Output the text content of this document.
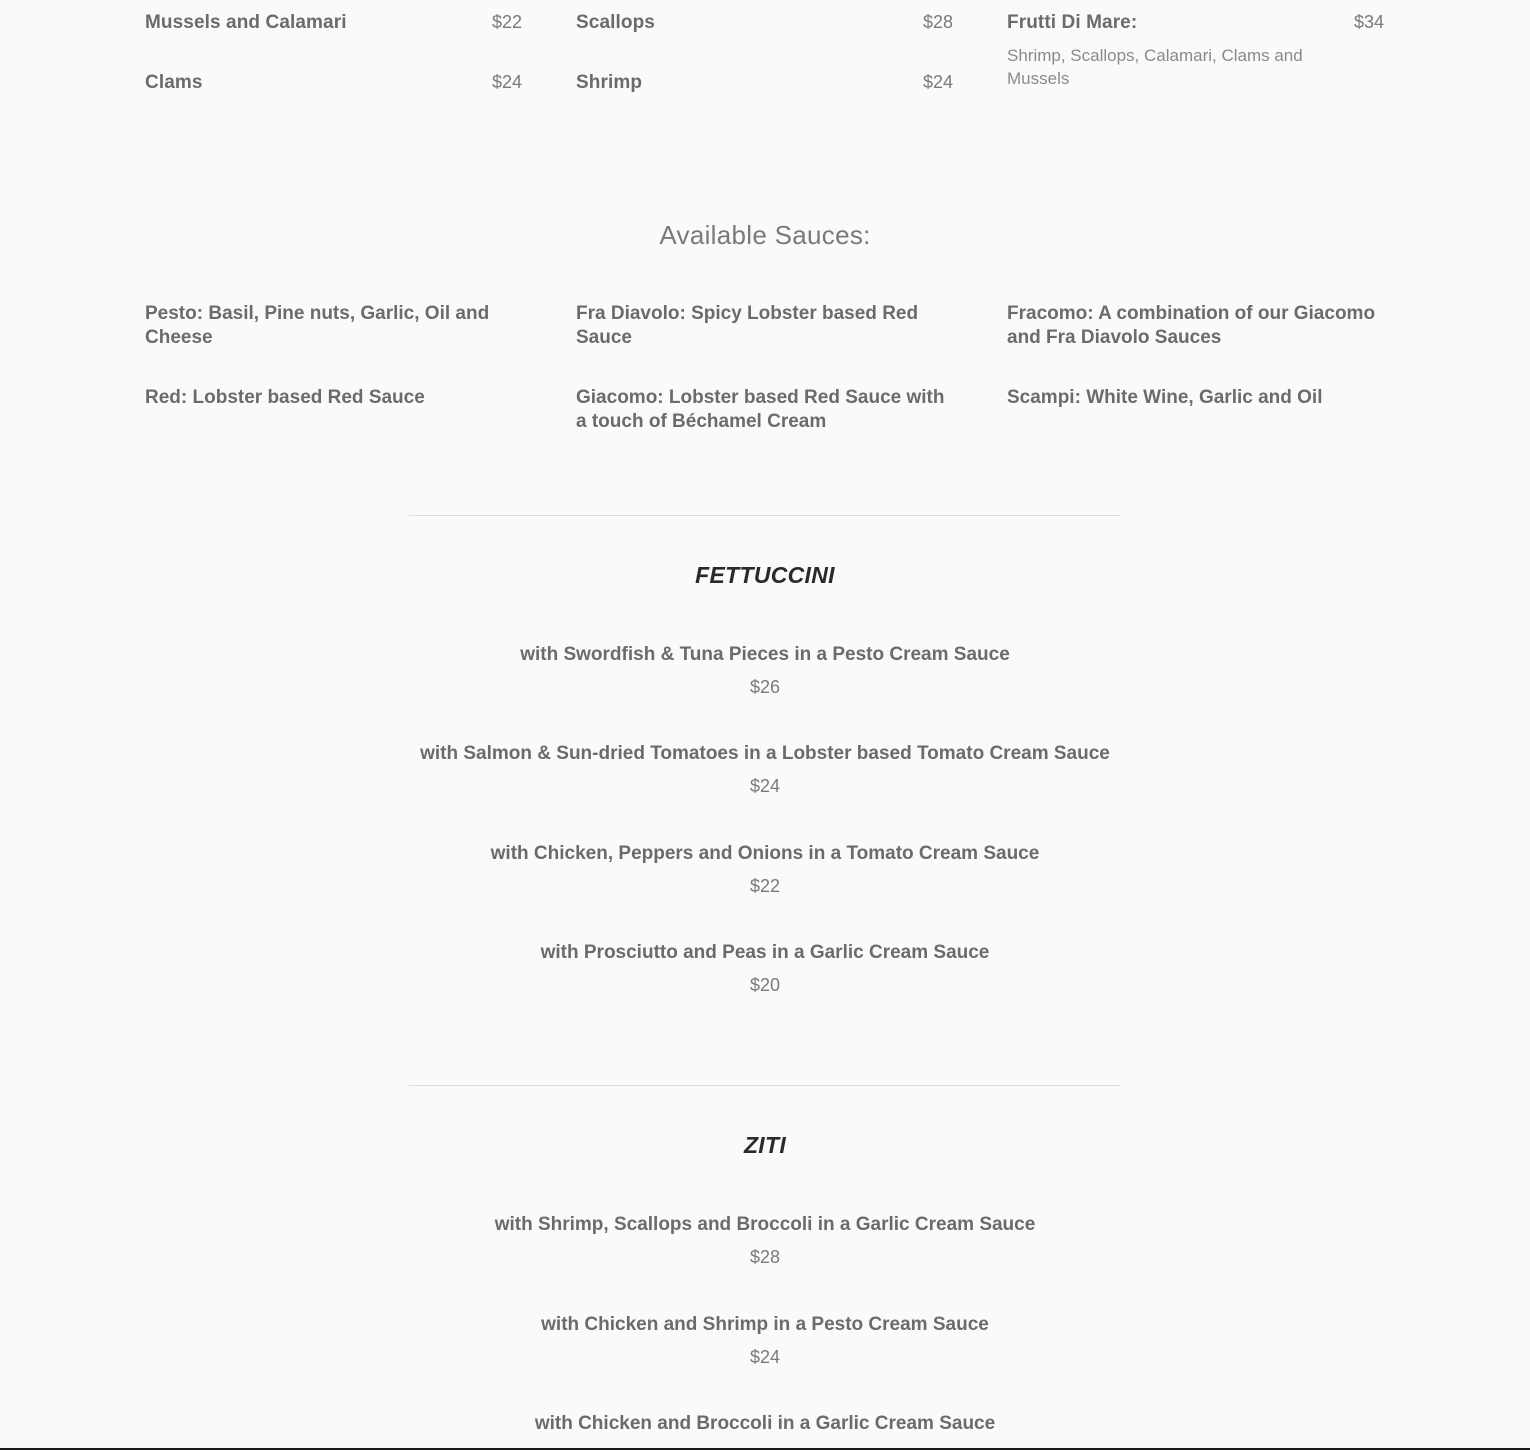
Mussels and Calamari	$22
Clams	$24
Scallops	$28
Shrimp	$24
Frutti Di Mare:	$34
Shrimp, Scallops, Calamari, Clams and Mussels
Available Sauces:
Pesto: Basil, Pine nuts, Garlic, Oil and Cheese
Fra Diavolo: Spicy Lobster based Red Sauce
Fracomo: A combination of our Giacomo and Fra Diavolo Sauces
Red: Lobster based Red Sauce	Giacomo: Lobster based Red Sauce with a touch of Béchamel Cream
Scampi: White Wine, Garlic and Oil
FETTUCCINI
with Swordfish & Tuna Pieces in a Pesto Cream Sauce
$26
with Salmon & Sun-dried Tomatoes in a Lobster based Tomato Cream Sauce
$24
with Chicken, Peppers and Onions in a Tomato Cream Sauce
$22
with Prosciutto and Peas in a Garlic Cream Sauce
$20
ZITI
with Shrimp, Scallops and Broccoli in a Garlic Cream Sauce
$28
with Chicken and Shrimp in a Pesto Cream Sauce
$24
with Chicken and Broccoli in a Garlic Cream Sauce
